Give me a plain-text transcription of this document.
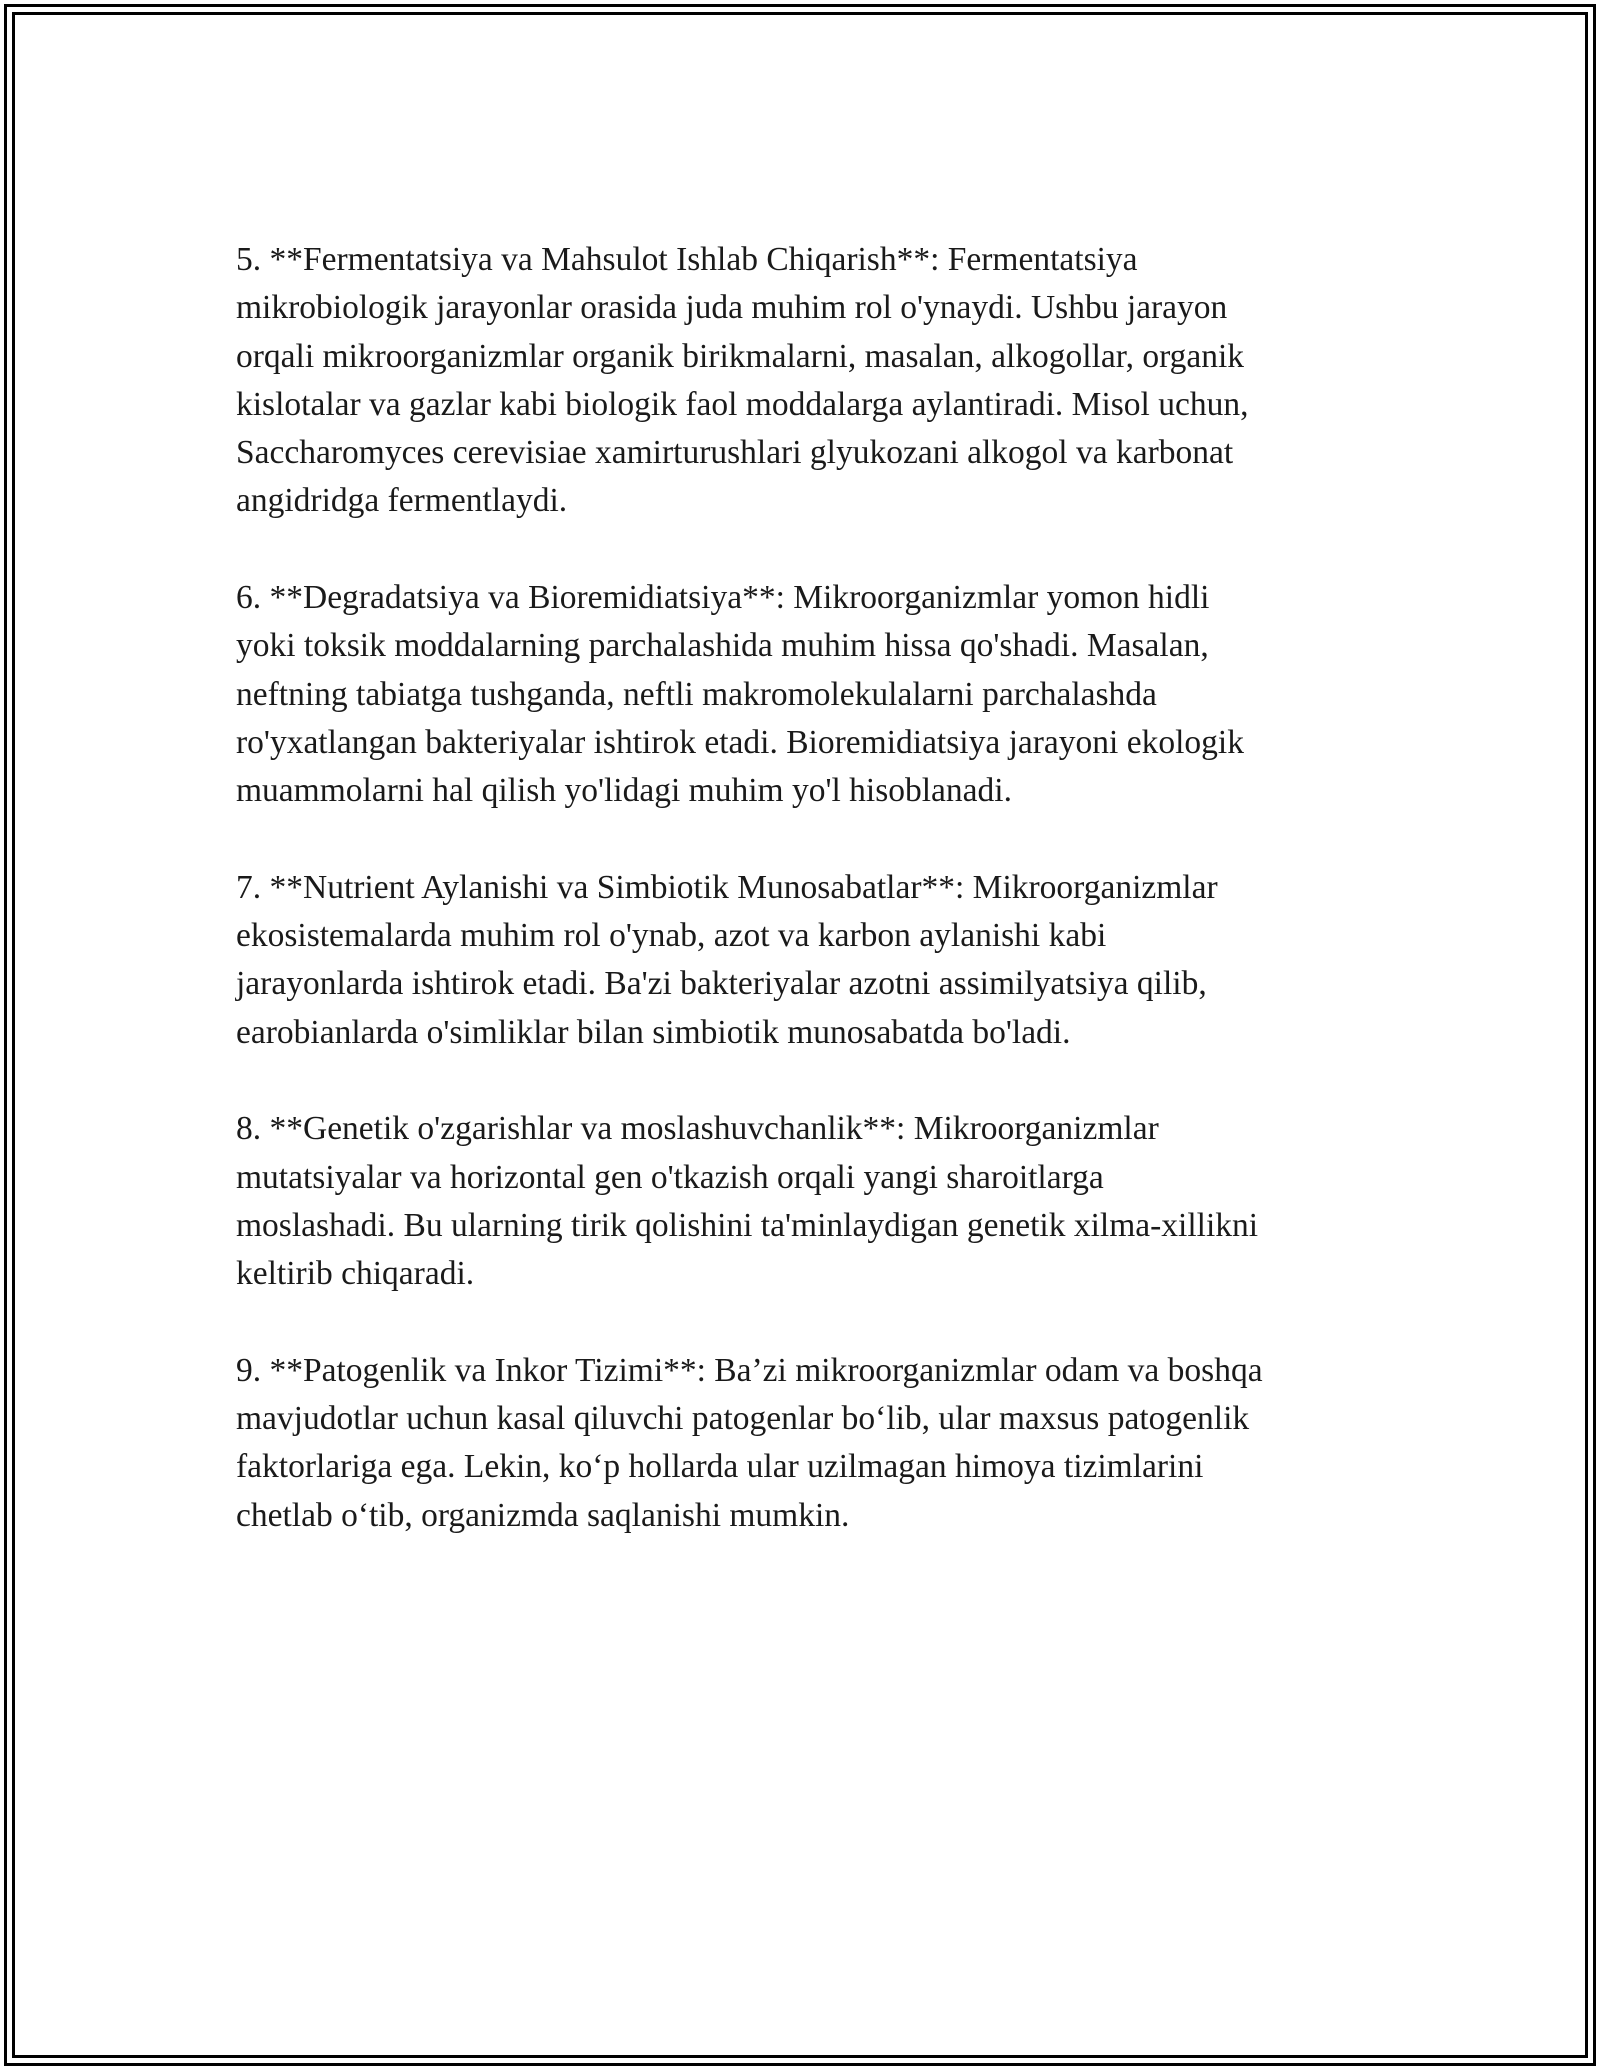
5. **Fermentatsiya va Mahsulot Ishlab Chiqarish**: Fermentatsiya
mikrobiologik jarayonlar orasida juda muhim rol o'ynaydi. Ushbu jarayon
orqali mikroorganizmlar organik birikmalarni, masalan, alkogollar, organik
kislotalar va gazlar kabi biologik faol moddalarga aylantiradi. Misol uchun,
Saccharomyces cerevisiae xamirturushlari glyukozani alkogol va karbonat
angidridga fermentlaydi.

6. **Degradatsiya va Bioremidiatsiya**: Mikroorganizmlar yomon hidli
yoki toksik moddalarning parchalashida muhim hissa qo'shadi. Masalan,
neftning tabiatga tushganda, neftli makromolekulalarni parchalashda
ro'yxatlangan bakteriyalar ishtirok etadi. Bioremidiatsiya jarayoni ekologik
muammolarni hal qilish yo'lidagi muhim yo'l hisoblanadi.

7. **Nutrient Aylanishi va Simbiotik Munosabatlar**: Mikroorganizmlar
ekosistemalarda muhim rol o'ynab, azot va karbon aylanishi kabi
jarayonlarda ishtirok etadi. Ba'zi bakteriyalar azotni assimilyatsiya qilib,
earobianlarda o'simliklar bilan simbiotik munosabatda bo'ladi.

8. **Genetik o'zgarishlar va moslashuvchanlik**: Mikroorganizmlar
mutatsiyalar va horizontal gen o'tkazish orqali yangi sharoitlarga
moslashadi. Bu ularning tirik qolishini ta'minlaydigan genetik xilma-xillikni
keltirib chiqaradi.

9. **Patogenlik va Inkor Tizimi**: Ba’zi mikroorganizmlar odam va boshqa
mavjudotlar uchun kasal qiluvchi patogenlar bo‘lib, ular maxsus patogenlik
faktorlariga ega. Lekin, ko‘p hollarda ular uzilmagan himoya tizimlarini
chetlab o‘tib, organizmda saqlanishi mumkin.
